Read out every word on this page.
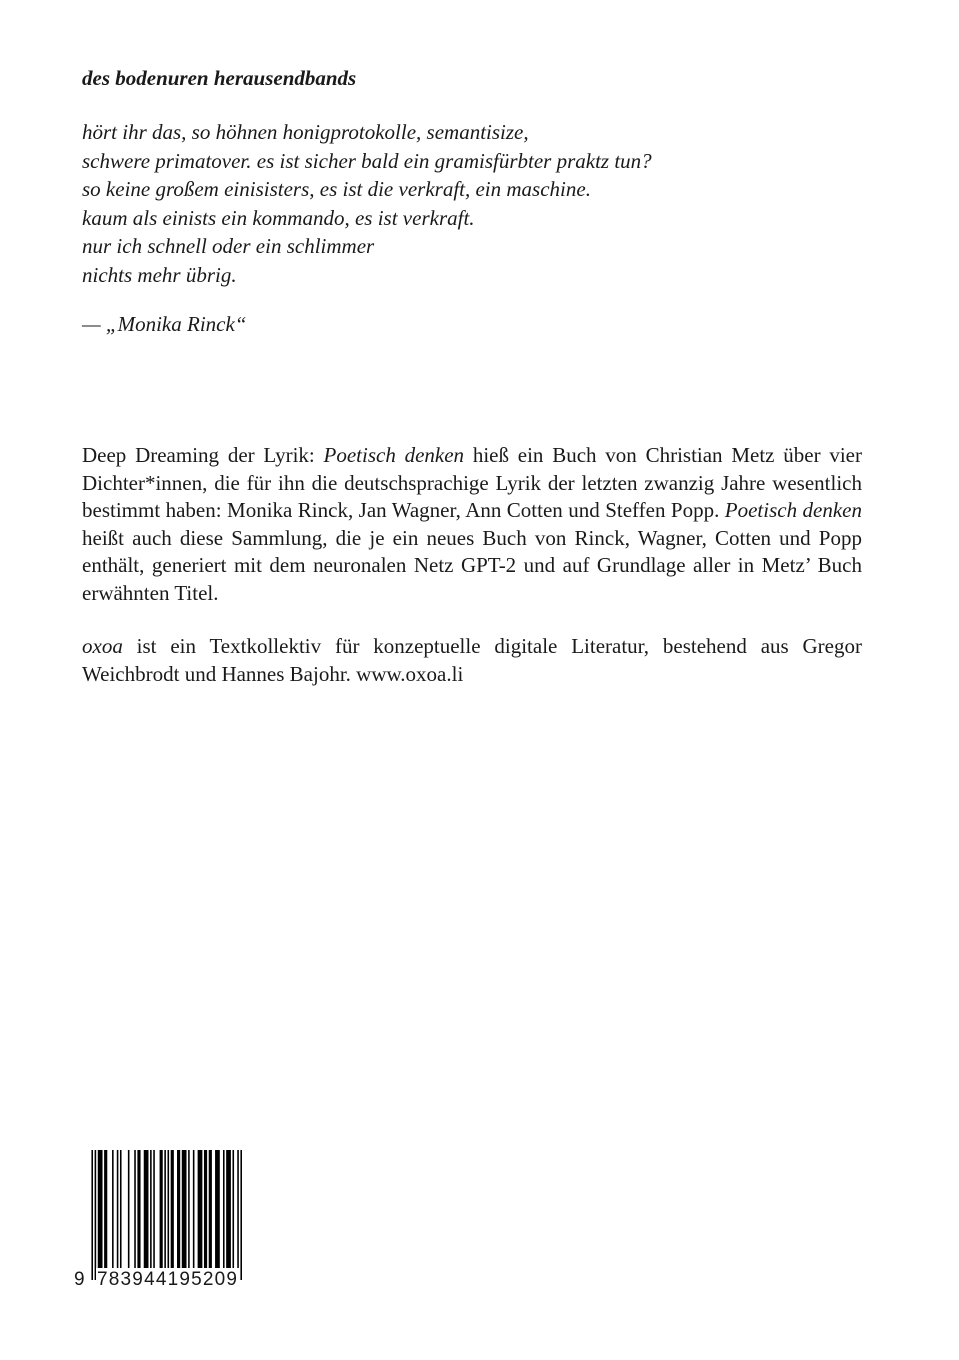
des bodenuren herausendbands
hört ihr das, so höhnen honigprotokolle, semantisize,
schwere primatover. es ist sicher bald ein gramisfürbter praktz tun?
so keine großem einisisters, es ist die verkraft, ein maschine.
kaum als einists ein kommando, es ist verkraft.
nur ich schnell oder ein schlimmer
nichts mehr übrig.

— „Monika Rinck“

Deep Dreaming der Lyrik: Poetisch denken hieß ein Buch von Christian Metz über vier Dichter*innen, die für ihn die deutschsprachige Lyrik der letzten zwanzig Jahre wesentlich bestimmt haben: Monika Rinck, Jan Wagner, Ann Cotten und Steffen Popp. Poetisch denken heißt auch diese Sammlung, die je ein neues Buch von Rinck, Wagner, Cotten und Popp enthält, generiert mit dem neuronalen Netz GPT-2 und auf Grundlage aller in Metz’ Buch erwähnten Titel.

oxoa ist ein Textkollektiv für konzeptuelle digitale Literatur, bestehend aus Gregor Weichbrodt und Hannes Bajohr. www.oxoa.li

9 783944195209
